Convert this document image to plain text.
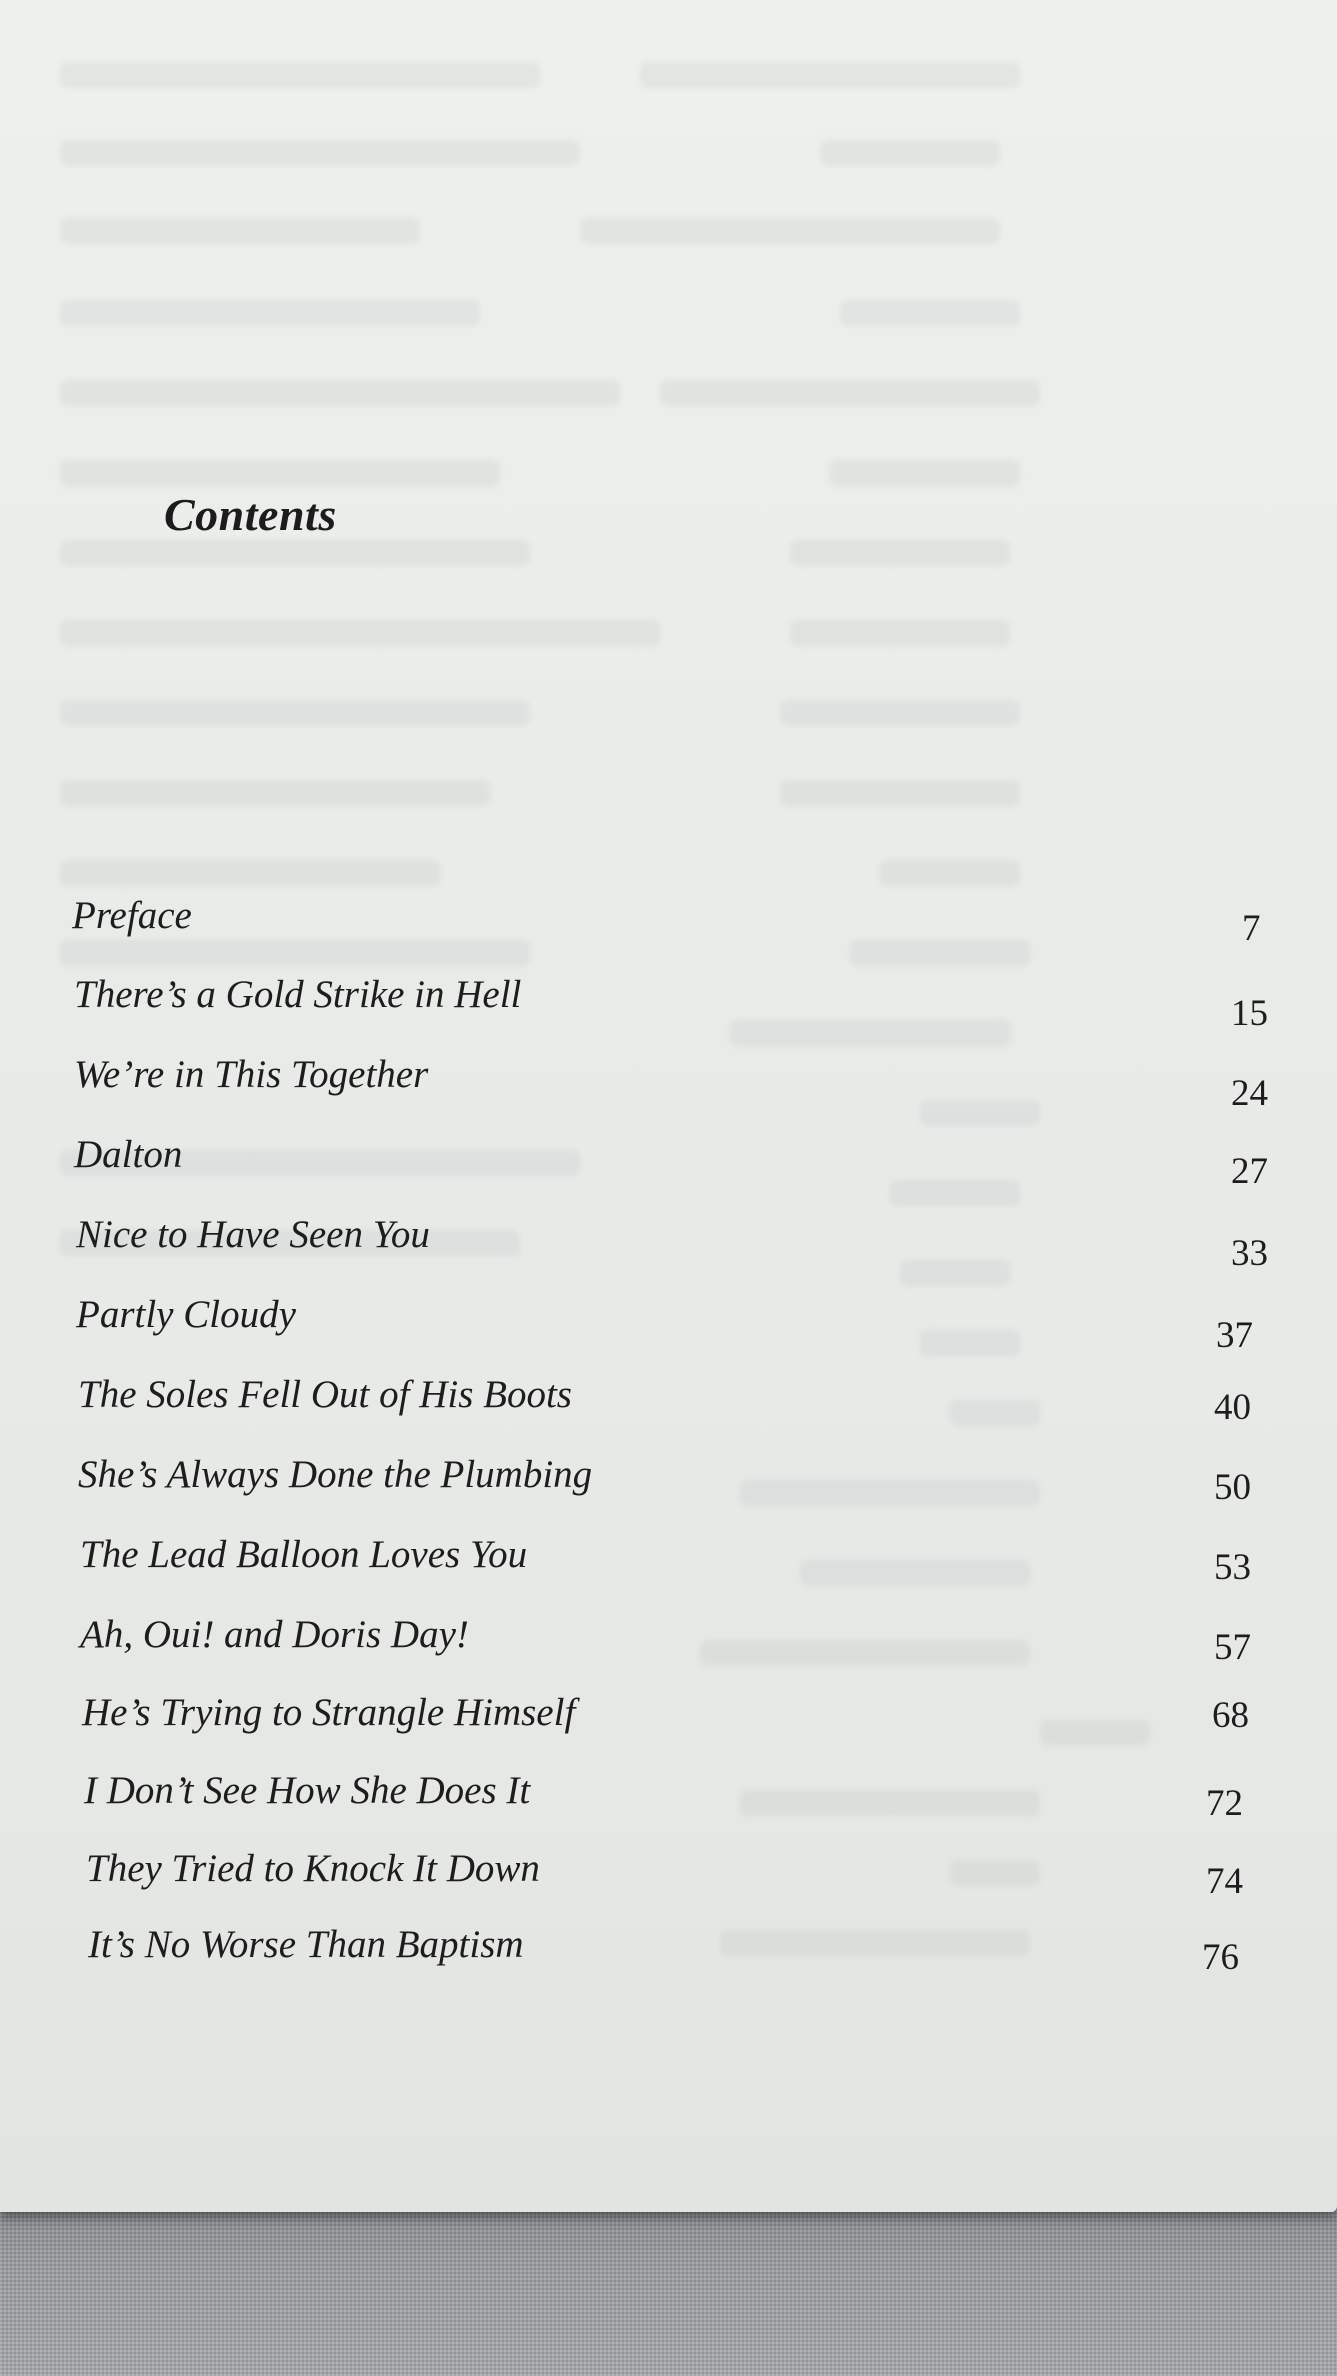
Contents
Preface	7
There’s a Gold Strike in Hell	15
We’re in This Together	24
Dalton	27
Nice to Have Seen You	33
Partly Cloudy	37
The Soles Fell Out of His Boots	40
She’s Always Done the Plumbing	50
The Lead Balloon Loves You	53
Ah, Oui! and Doris Day!	57
He’s Trying to Strangle Himself	68
I Don’t See How She Does It	72
They Tried to Knock It Down	74
It’s No Worse Than Baptism	76
